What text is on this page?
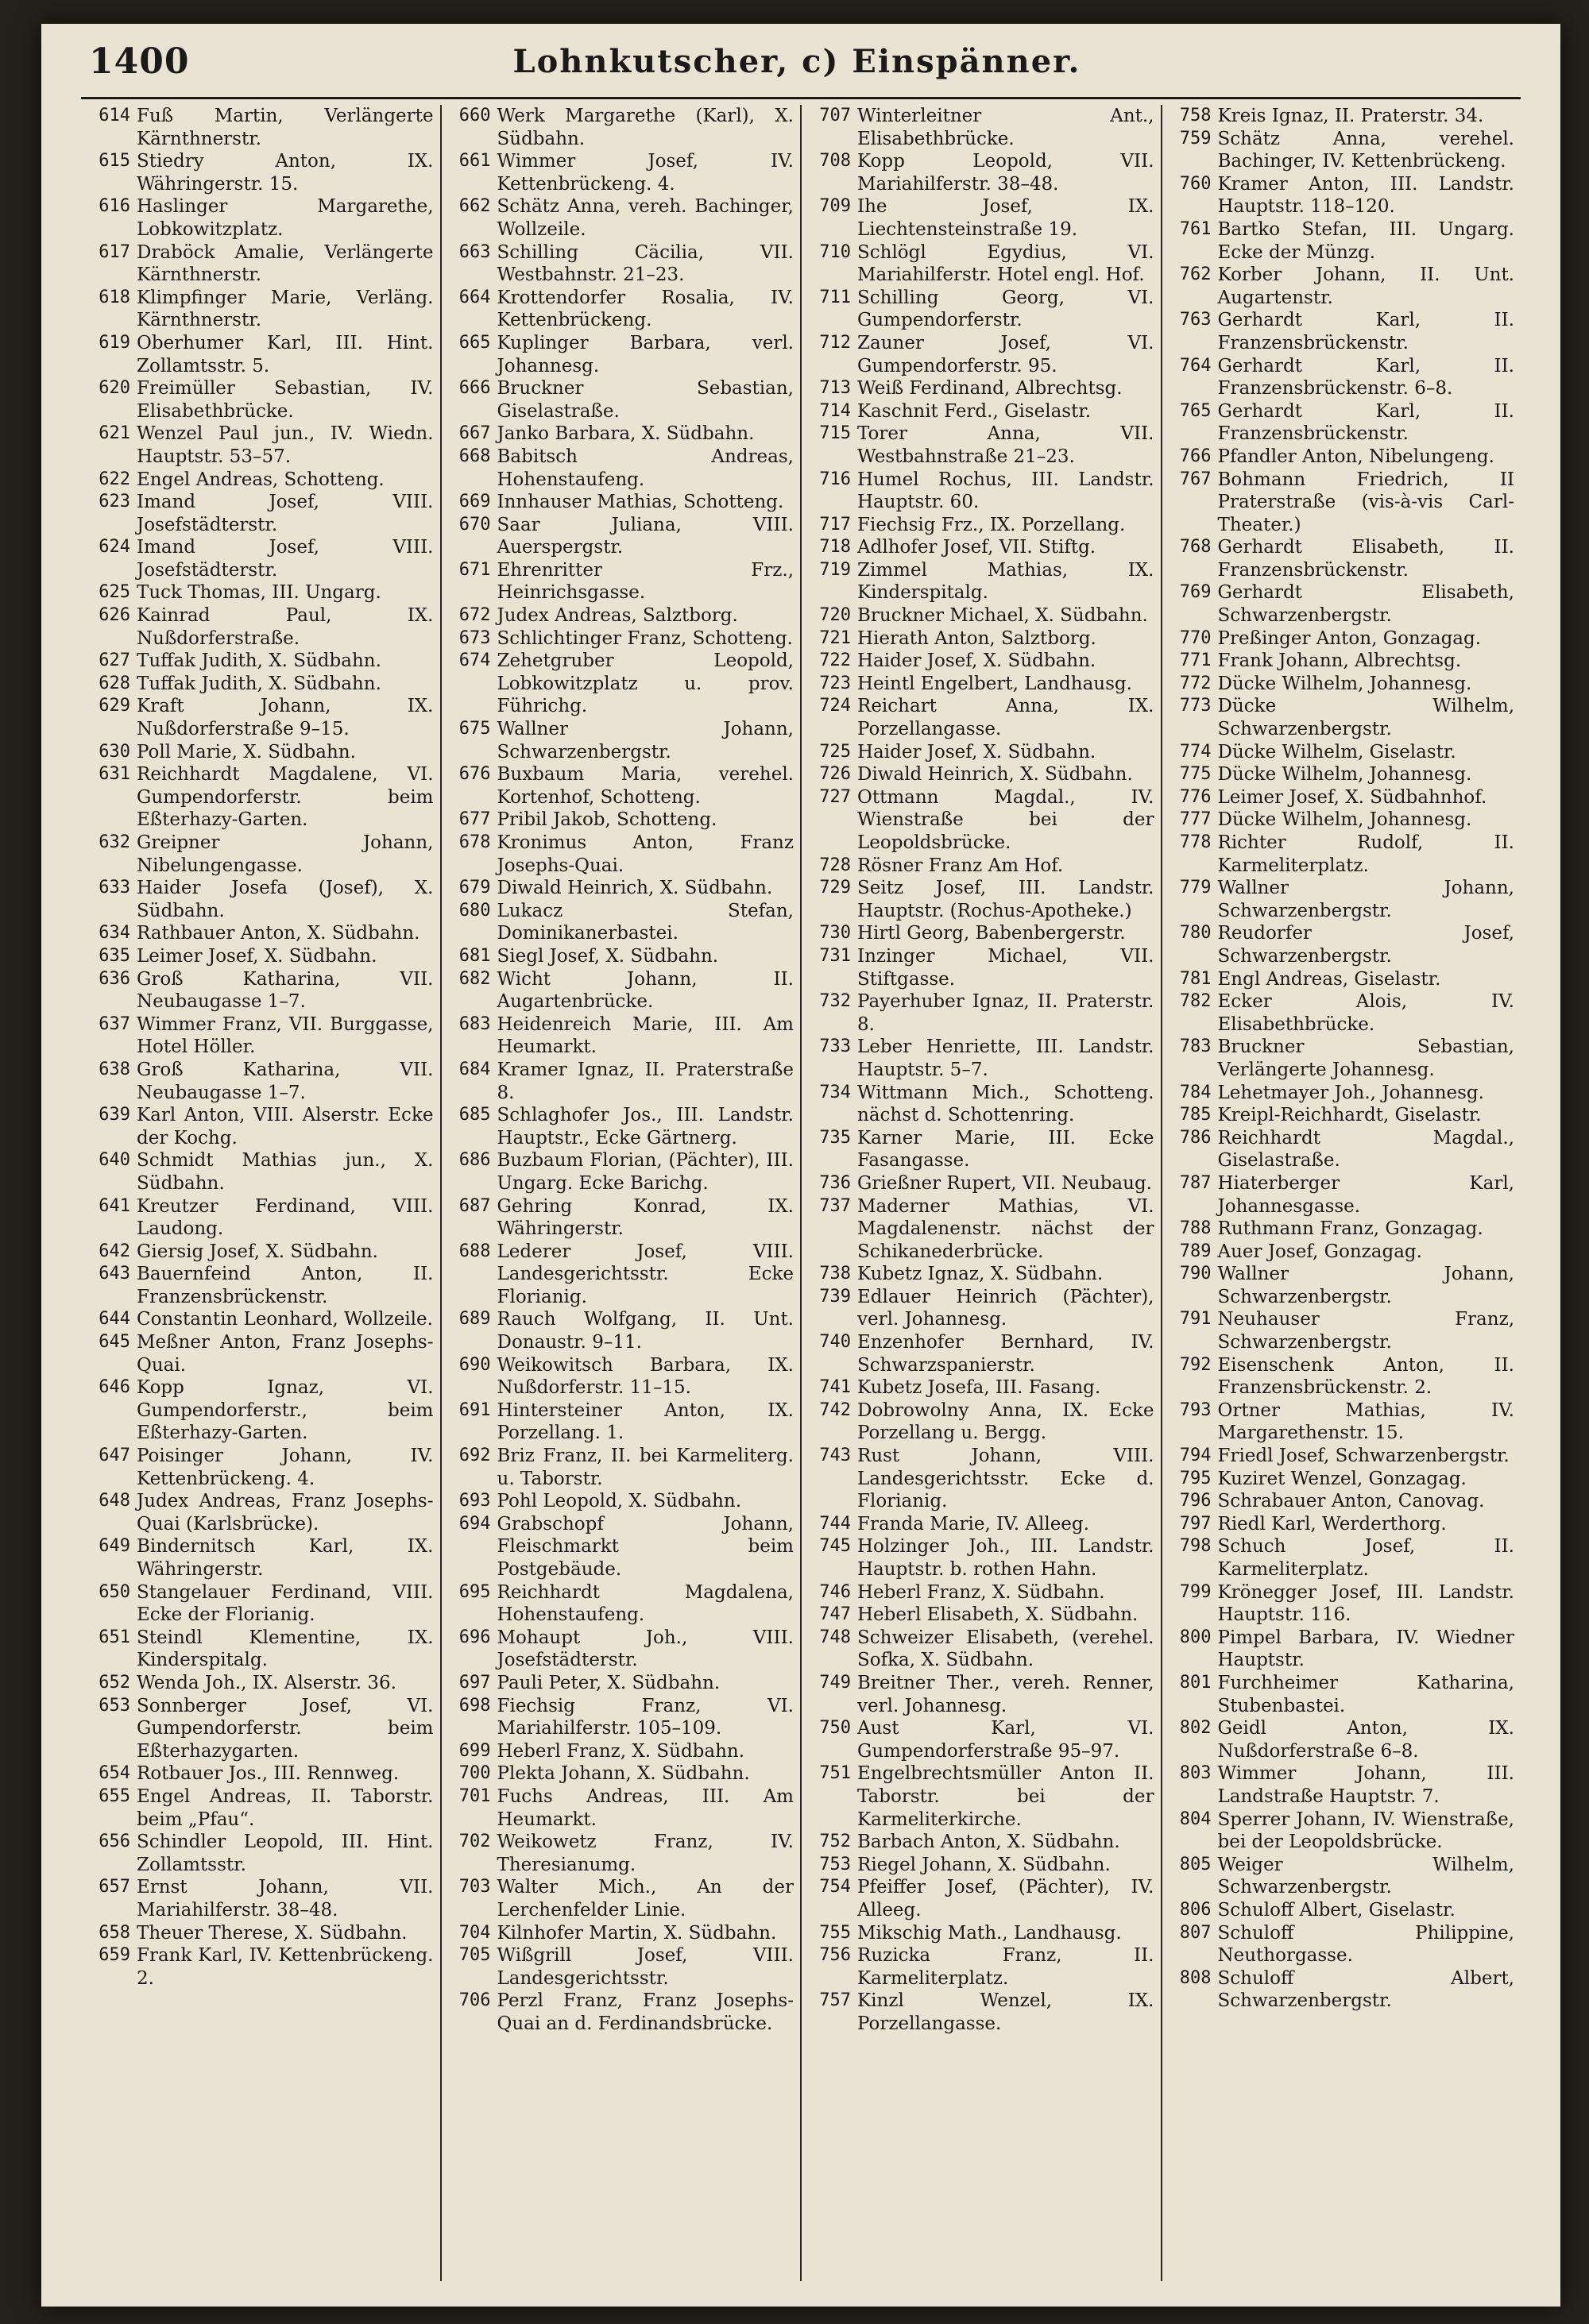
1400	Lohnkutscher, c) Einspänner.
614 Fuß Martin, Verlängerte Kärnthnerstr.
615 Stiedry Anton, IX. Währingerstr. 15.
616 Haslinger Margarethe, Lobkowitzplatz.
617 Draböck Amalie, Verlängerte Kärnthnerstr.
618 Klimpfinger Marie, Verläng. Kärnthnerstr.
619 Oberhumer Karl, III. Hint. Zollamtsstr. 5.
620 Freimüller Sebastian, IV. Elisabethbrücke.
621 Wenzel Paul jun., IV. Wiedn. Hauptstr. 53–57.
622 Engel Andreas, Schotteng.
623 Imand Josef, VIII. Josefstädterstr.
624 Imand Josef, VIII. Josefstädterstr.
625 Tuck Thomas, III. Ungarg.
626 Kainrad Paul, IX. Nußdorferstraße.
627 Tuffak Judith, X. Südbahn.
628 Tuffak Judith, X. Südbahn.
629 Kraft Johann, IX. Nußdorferstraße 9–15.
630 Poll Marie, X. Südbahn.
631 Reichhardt Magdalene, VI. Gumpendorferstr. beim Eßterhazy-Garten.
632 Greipner Johann, Nibelungengasse.
633 Haider Josefa (Josef), X. Südbahn.
634 Rathbauer Anton, X. Südbahn.
635 Leimer Josef, X. Südbahn.
636 Groß Katharina, VII. Neubaugasse 1–7.
637 Wimmer Franz, VII. Burggasse, Hotel Höller.
638 Groß Katharina, VII. Neubaugasse 1–7.
639 Karl Anton, VIII. Alserstr. Ecke der Kochg.
640 Schmidt Mathias jun., X. Südbahn.
641 Kreutzer Ferdinand, VIII. Laudong.
642 Giersig Josef, X. Südbahn.
643 Bauernfeind Anton, II. Franzensbrückenstr.
644 Constantin Leonhard, Wollzeile.
645 Meßner Anton, Franz Josephs-Quai.
646 Kopp Ignaz, VI. Gumpendorferstr., beim Eßterhazy-Garten.
647 Poisinger Johann, IV. Kettenbrückeng. 4.
648 Judex Andreas, Franz Josephs-Quai (Karlsbrücke).
649 Bindernitsch Karl, IX. Währingerstr.
650 Stangelauer Ferdinand, VIII. Ecke der Florianig.
651 Steindl Klementine, IX. Kinderspitalg.
652 Wenda Joh., IX. Alserstr. 36.
653 Sonnberger Josef, VI. Gumpendorferstr. beim Eßterhazygarten.
654 Rotbauer Jos., III. Rennweg.
655 Engel Andreas, II. Taborstr. beim „Pfau“.
656 Schindler Leopold, III. Hint. Zollamtsstr.
657 Ernst Johann, VII. Mariahilferstr. 38–48.
658 Theuer Therese, X. Südbahn.
659 Frank Karl, IV. Kettenbrückeng. 2.
660 Werk Margarethe (Karl), X. Südbahn.
661 Wimmer Josef, IV. Kettenbrückeng. 4.
662 Schätz Anna, vereh. Bachinger, Wollzeile.
663 Schilling Cäcilia, VII. Westbahnstr. 21–23.
664 Krottendorfer Rosalia, IV. Kettenbrückeng.
665 Kuplinger Barbara, verl. Johannesg.
666 Bruckner Sebastian, Giselastraße.
667 Janko Barbara, X. Südbahn.
668 Babitsch Andreas, Hohenstaufeng.
669 Innhauser Mathias, Schotteng.
670 Saar Juliana, VIII. Auerspergstr.
671 Ehrenritter Frz., Heinrichsgasse.
672 Judex Andreas, Salztborg.
673 Schlichtinger Franz, Schotteng.
674 Zehetgruber Leopold, Lobkowitzplatz u. prov. Führichg.
675 Wallner Johann, Schwarzenbergstr.
676 Buxbaum Maria, verehel. Kortenhof, Schotteng.
677 Pribil Jakob, Schotteng.
678 Kronimus Anton, Franz Josephs-Quai.
679 Diwald Heinrich, X. Südbahn.
680 Lukacz Stefan, Dominikanerbastei.
681 Siegl Josef, X. Südbahn.
682 Wicht Johann, II. Augartenbrücke.
683 Heidenreich Marie, III. Am Heumarkt.
684 Kramer Ignaz, II. Praterstraße 8.
685 Schlaghofer Jos., III. Landstr. Hauptstr., Ecke Gärtnerg.
686 Buzbaum Florian, (Pächter), III. Ungarg. Ecke Barichg.
687 Gehring Konrad, IX. Währingerstr.
688 Lederer Josef, VIII. Landesgerichtsstr. Ecke Florianig.
689 Rauch Wolfgang, II. Unt. Donaustr. 9–11.
690 Weikowitsch Barbara, IX. Nußdorferstr. 11–15.
691 Hintersteiner Anton, IX. Porzellang. 1.
692 Briz Franz, II. bei Karmeliterg. u. Taborstr.
693 Pohl Leopold, X. Südbahn.
694 Grabschopf Johann, Fleischmarkt beim Postgebäude.
695 Reichhardt Magdalena, Hohenstaufeng.
696 Mohaupt Joh., VIII. Josefstädterstr.
697 Pauli Peter, X. Südbahn.
698 Fiechsig Franz, VI. Mariahilferstr. 105–109.
699 Heberl Franz, X. Südbahn.
700 Plekta Johann, X. Südbahn.
701 Fuchs Andreas, III. Am Heumarkt.
702 Weikowetz Franz, IV. Theresianumg.
703 Walter Mich., An der Lerchenfelder Linie.
704 Kilnhofer Martin, X. Südbahn.
705 Wißgrill Josef, VIII. Landesgerichtsstr.
706 Perzl Franz, Franz Josephs-Quai an d. Ferdinandsbrücke.
707 Winterleitner Ant., Elisabethbrücke.
708 Kopp Leopold, VII. Mariahilferstr. 38–48.
709 Ihe Josef, IX. Liechtensteinstraße 19.
710 Schlögl Egydius, VI. Mariahilferstr. Hotel engl. Hof.
711 Schilling Georg, VI. Gumpendorferstr.
712 Zauner Josef, VI. Gumpendorferstr. 95.
713 Weiß Ferdinand, Albrechtsg.
714 Kaschnit Ferd., Giselastr.
715 Torer Anna, VII. Westbahnstraße 21–23.
716 Humel Rochus, III. Landstr. Hauptstr. 60.
717 Fiechsig Frz., IX. Porzellang.
718 Adlhofer Josef, VII. Stiftg.
719 Zimmel Mathias, IX. Kinderspitalg.
720 Bruckner Michael, X. Südbahn.
721 Hierath Anton, Salztborg.
722 Haider Josef, X. Südbahn.
723 Heintl Engelbert, Landhausg.
724 Reichart Anna, IX. Porzellangasse.
725 Haider Josef, X. Südbahn.
726 Diwald Heinrich, X. Südbahn.
727 Ottmann Magdal., IV. Wienstraße bei der Leopoldsbrücke.
728 Rösner Franz Am Hof.
729 Seitz Josef, III. Landstr. Hauptstr. (Rochus-Apotheke.)
730 Hirtl Georg, Babenbergerstr.
731 Inzinger Michael, VII. Stiftgasse.
732 Payerhuber Ignaz, II. Praterstr. 8.
733 Leber Henriette, III. Landstr. Hauptstr. 5–7.
734 Wittmann Mich., Schotteng. nächst d. Schottenring.
735 Karner Marie, III. Ecke Fasangasse.
736 Grießner Rupert, VII. Neubaug.
737 Maderner Mathias, VI. Magdalenenstr. nächst der Schikanederbrücke.
738 Kubetz Ignaz, X. Südbahn.
739 Edlauer Heinrich (Pächter), verl. Johannesg.
740 Enzenhofer Bernhard, IV. Schwarzspanierstr.
741 Kubetz Josefa, III. Fasang.
742 Dobrowolny Anna, IX. Ecke Porzellang u. Bergg.
743 Rust Johann, VIII. Landesgerichtsstr. Ecke d. Florianig.
744 Franda Marie, IV. Alleeg.
745 Holzinger Joh., III. Landstr. Hauptstr. b. rothen Hahn.
746 Heberl Franz, X. Südbahn.
747 Heberl Elisabeth, X. Südbahn.
748 Schweizer Elisabeth, (verehel. Sofka, X. Südbahn.
749 Breitner Ther., vereh. Renner, verl. Johannesg.
750 Aust Karl, VI. Gumpendorferstraße 95–97.
751 Engelbrechtsmüller Anton II. Taborstr. bei der Karmeliterkirche.
752 Barbach Anton, X. Südbahn.
753 Riegel Johann, X. Südbahn.
754 Pfeiffer Josef, (Pächter), IV. Alleeg.
755 Mikschig Math., Landhausg.
756 Ruzicka Franz, II. Karmeliterplatz.
757 Kinzl Wenzel, IX. Porzellangasse.
758 Kreis Ignaz, II. Praterstr. 34.
759 Schätz Anna, verehel. Bachinger, IV. Kettenbrückeng.
760 Kramer Anton, III. Landstr. Hauptstr. 118–120.
761 Bartko Stefan, III. Ungarg. Ecke der Münzg.
762 Korber Johann, II. Unt. Augartenstr.
763 Gerhardt Karl, II. Franzensbrückenstr.
764 Gerhardt Karl, II. Franzensbrückenstr. 6–8.
765 Gerhardt Karl, II. Franzensbrückenstr.
766 Pfandler Anton, Nibelungeng.
767 Bohmann Friedrich, II Praterstraße (vis-à-vis Carl-Theater.)
768 Gerhardt Elisabeth, II. Franzensbrückenstr.
769 Gerhardt Elisabeth, Schwarzenbergstr.
770 Preßinger Anton, Gonzagag.
771 Frank Johann, Albrechtsg.
772 Dücke Wilhelm, Johannesg.
773 Dücke Wilhelm, Schwarzenbergstr.
774 Dücke Wilhelm, Giselastr.
775 Dücke Wilhelm, Johannesg.
776 Leimer Josef, X. Südbahnhof.
777 Dücke Wilhelm, Johannesg.
778 Richter Rudolf, II. Karmeliterplatz.
779 Wallner Johann, Schwarzenbergstr.
780 Reudorfer Josef, Schwarzenbergstr.
781 Engl Andreas, Giselastr.
782 Ecker Alois, IV. Elisabethbrücke.
783 Bruckner Sebastian, Verlängerte Johannesg.
784 Lehetmayer Joh., Johannesg.
785 Kreipl-Reichhardt, Giselastr.
786 Reichhardt Magdal., Giselastraße.
787 Hiaterberger Karl, Johannesgasse.
788 Ruthmann Franz, Gonzagag.
789 Auer Josef, Gonzagag.
790 Wallner Johann, Schwarzenbergstr.
791 Neuhauser Franz, Schwarzenbergstr.
792 Eisenschenk Anton, II. Franzensbrückenstr. 2.
793 Ortner Mathias, IV. Margarethenstr. 15.
794 Friedl Josef, Schwarzenbergstr.
795 Kuziret Wenzel, Gonzagag.
796 Schrabauer Anton, Canovag.
797 Riedl Karl, Werderthorg.
798 Schuch Josef, II. Karmeliterplatz.
799 Krönegger Josef, III. Landstr. Hauptstr. 116.
800 Pimpel Barbara, IV. Wiedner Hauptstr.
801 Furchheimer Katharina, Stubenbastei.
802 Geidl Anton, IX. Nußdorferstraße 6–8.
803 Wimmer Johann, III. Landstraße Hauptstr. 7.
804 Sperrer Johann, IV. Wienstraße, bei der Leopoldsbrücke.
805 Weiger Wilhelm, Schwarzenbergstr.
806 Schuloff Albert, Giselastr.
807 Schuloff Philippine, Neuthorgasse.
808 Schuloff Albert, Schwarzenbergstr.
